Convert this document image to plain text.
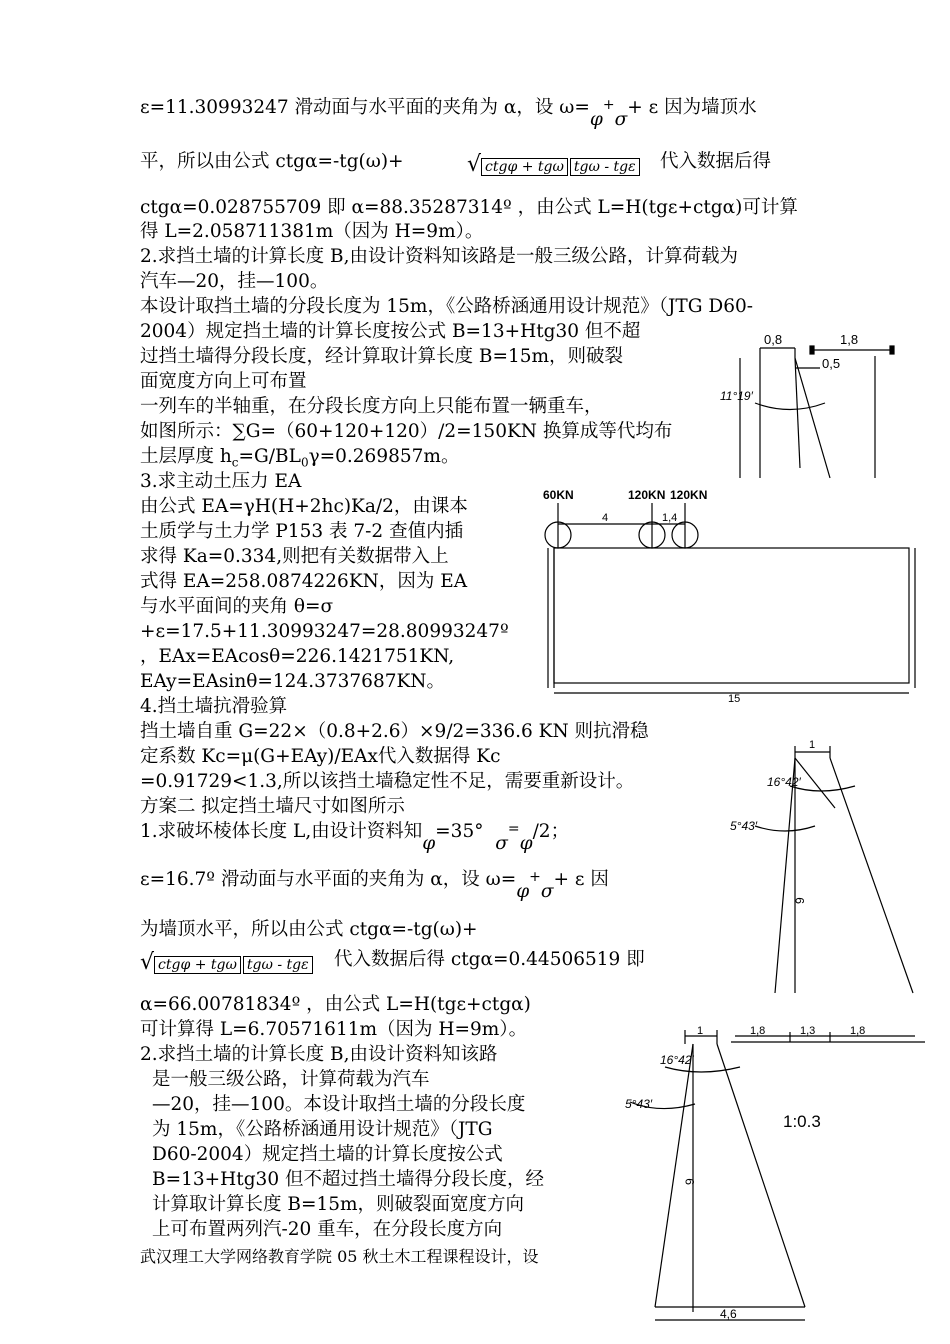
ε=11.30993247 滑动面与水平面的夹角为 α，设 ω=φ+σ+ ε 因为墙顶水
平，所以由公式 ctgα=-tg(ω)+	√ ctgφ + tgω tgω - tgε	代入数据后得
ctgα=0.028755709 即 α=88.35287314º ，由公式 L=H(tgε+ctgα)可计算
得 L=2.058711381m（因为 H=9m）。
2.求挡土墙的计算长度 B,由设计资料知该路是一般三级公路，计算荷载为
汽车—20，挂—100。
本设计取挡土墙的分段长度为 15m，《公路桥涵通用设计规范》（JTG D60-
2004）规定挡土墙的计算长度按公式 B=13+Htg30 但不超
过挡土墙得分段长度，经计算取计算长度 B=15m，则破裂
面宽度方向上可布置
一列车的半轴重，在分段长度方向上只能布置一辆重车，
如图所示：∑G=（60+120+120）/2=150KN 换算成等代均布
土层厚度 $h_c=G/BL_0\gamma=0.269857m$。
3.求主动土压力 EA
由公式 EA=γH(H+2hc)Ka/2，由课本
土质学与土力学 P153 表 7-2 查值内插
求得 Ka=0.334,则把有关数据带入上
式得 EA=258.0874226KN，因为 EA
与水平面间的夹角 θ=σ
+ε=17.5+11.30993247=28.80993247º
，EAx=EAcosθ=226.1421751KN,
EAy=EAsinθ=124.3737687KN。
4.挡土墙抗滑验算
挡土墙自重 G=22×（0.8+2.6）×9/2=336.6 KN 则抗滑稳
定系数 Kc=μ(G+EAy)/EAx代入数据得 Kc
=0.91729<1.3,所以该挡土墙稳定性不足，需要重新设计。
方案二 拟定挡土墙尺寸如图所示
1.求破坏棱体长度 L,由设计资料知φ=35°  σ=φ/2；
ε=16.7º 滑动面与水平面的夹角为 α，设 ω=φ+σ+ ε 因
为墙顶水平，所以由公式 ctgα=-tg(ω)+
√ ctgφ + tgω tgω - tgε	代入数据后得 ctgα=0.44506519 即
α=66.00781834º ，由公式 L=H(tgε+ctgα)
可计算得 L=6.70571611m（因为 H=9m）。
2.求挡土墙的计算长度 B,由设计资料知该路
是一般三级公路，计算荷载为汽车
—20，挂—100。本设计取挡土墙的分段长度
为 15m，《公路桥涵通用设计规范》（JTG
D60-2004）规定挡土墙的计算长度按公式
B=13+Htg30 但不超过挡土墙得分段长度，经
计算取计算长度 B=15m，则破裂面宽度方向
上可布置两列汽-20 重车，在分段长度方向
武汉理工大学网络教育学院 05 秋土木工程课程设计，设
0,8	1,8
0,5
11°19′
60KN	120KN 120KN
4	1,4
15
1
16°42′
5°43′
9
1	1,8	1,3	1,8
16°42′
5°43′
1:0.3
9
4,6
